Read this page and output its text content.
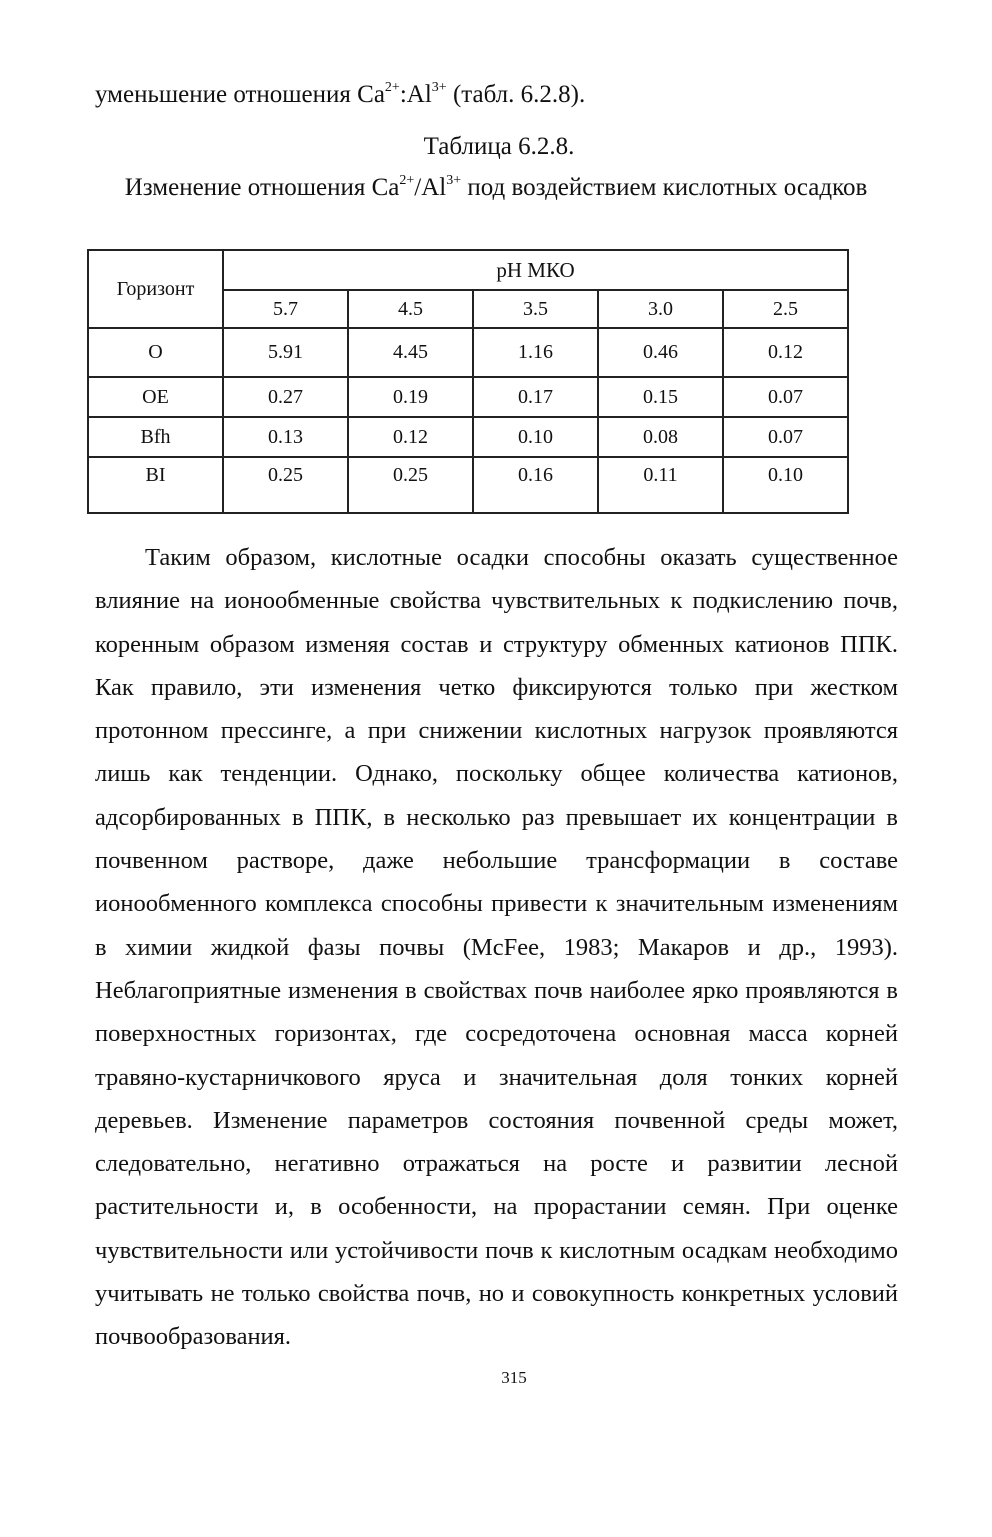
уменьшение отношения $Ca^{2+}:Al^{3+}$ (табл. 6.2.8).
Таблица 6.2.8.
Изменение отношения $Ca^{2+}/Al^{3+}$ под воздействием кислотных осадков
Горизонт	pH МКО				
	5.7	4.5	3.5	3.0	2.5
O	5.91	4.45	1.16	0.46	0.12
OE	0.27	0.19	0.17	0.15	0.07
Bfh	0.13	0.12	0.10	0.08	0.07
BI	0.25	0.25	0.16	0.11	0.10

Таким образом, кислотные осадки способны оказать существенное влияние на ионообменные свойства чувствительных к подкислению почв, коренным образом изменяя состав и структуру обменных катионов ППК. Как правило, эти изменения четко фиксируются только при жестком протонном прессинге, а при снижении кислотных нагрузок проявляются лишь как тенденции. Однако, поскольку общее количества катионов, адсорбированных в ППК, в несколько раз превышает их концентрации в почвенном растворе, даже небольшие трансформации в составе ионообменного комплекса способны привести к значительным изменениям в химии жидкой фазы почвы (McFee, 1983; Макаров и др., 1993). Неблагоприятные изменения в свойствах почв наиболее ярко проявляются в поверхностных горизонтах, где сосредоточена основная масса корней травяно-кустарничкового яруса и значительная доля тонких корней деревьев. Изменение параметров состояния почвенной среды может, следовательно, негативно отражаться на росте и развитии лесной растительности и, в особенности, на прорастании семян. При оценке чувствительности или устойчивости почв к кислотным осадкам необходимо учитывать не только свойства почв, но и совокупность конкретных условий почвообразования.

315
